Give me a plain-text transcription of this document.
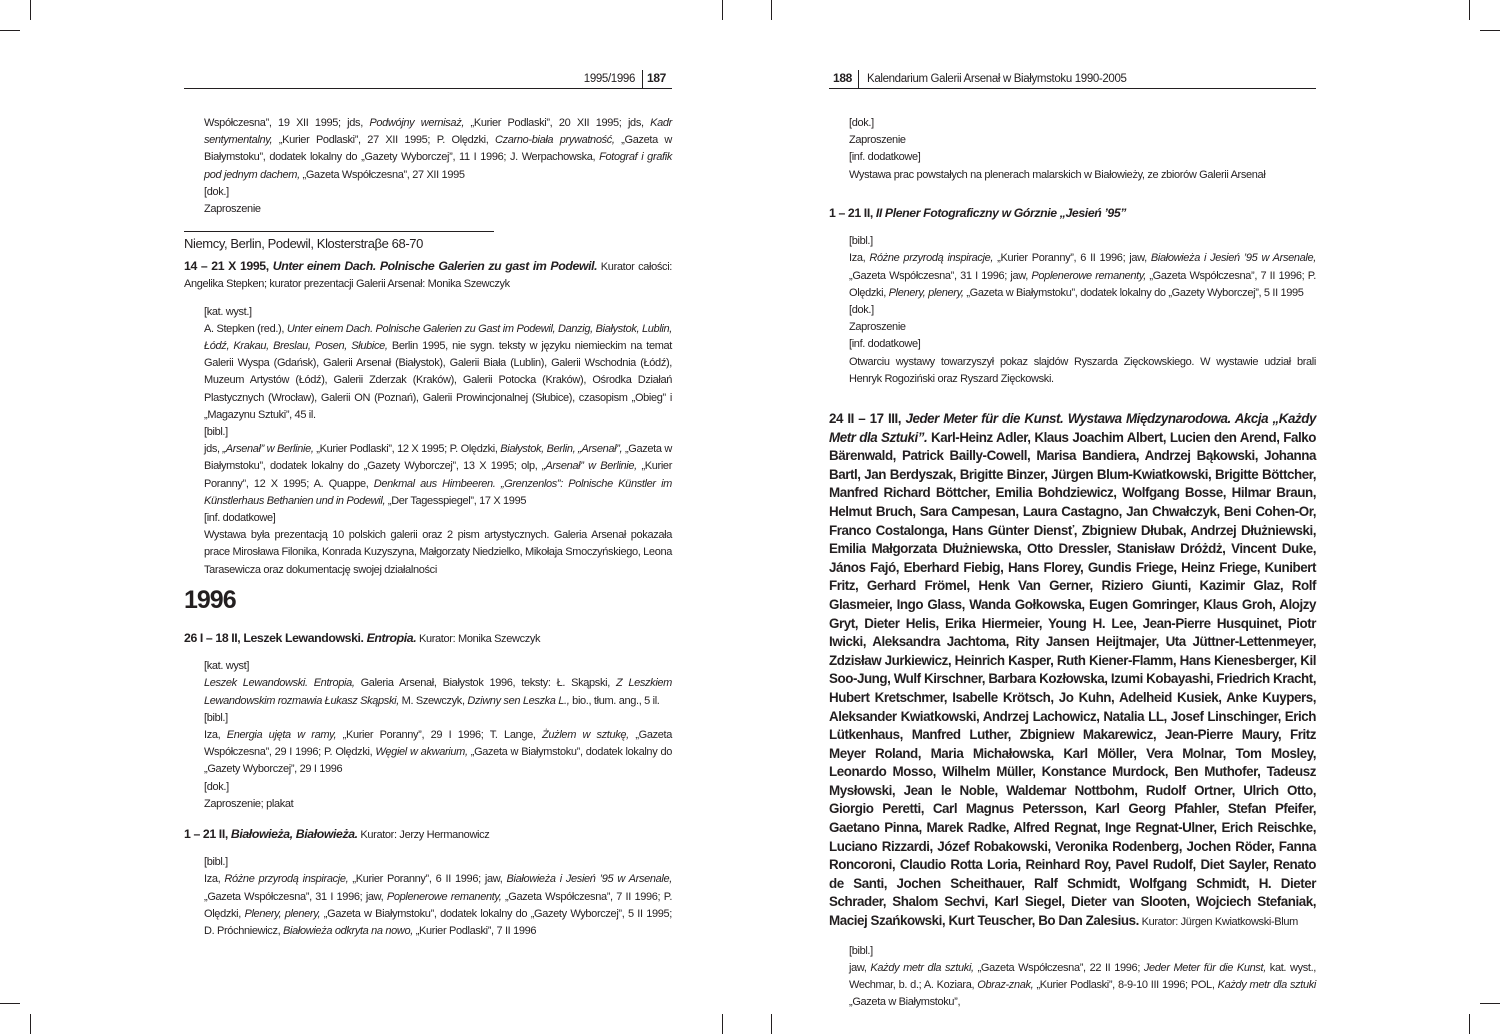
1995/1996 187

Współczesna”, 19 XII 1995; jds, Podwójny wernisaż, „Kurier Podlaski”, 20 XII 1995; jds, Kadr sentymentalny, „Kurier Podlaski”, 27 XII 1995; P. Olędzki, Czarno-biała prywatność, „Gazeta w Białymstoku”, dodatek lokalny do „Gazety Wyborczej”, 11 I 1996; J. Werpachowska, Fotograf i grafik pod jednym dachem, „Gazeta Współczesna”, 27 XII 1995

[dok.]

Zaproszenie

Niemcy, Berlin, Podewil, Klosterstraβe 68-70

14 – 21 X 1995, Unter einem Dach. Polnische Galerien zu gast im Podewil. Kurator całości: Angelika Stepken; kurator prezentacji Galerii Arsenał: Monika Szewczyk

[kat. wyst.]

A. Stepken (red.), Unter einem Dach. Polnische Galerien zu Gast im Podewil, Danzig, Białystok, Lublin, Łódź, Krakau, Breslau, Posen, Słubice, Berlin 1995, nie sygn. teksty w języku niemieckim na temat Galerii Wyspa (Gdańsk), Galerii Arsenał (Białystok), Galerii Biała (Lublin), Galerii Wschodnia (Łódź), Muzeum Artystów (Łódź), Galerii Zderzak (Kraków), Galerii Potocka (Kraków), Ośrodka Działań Plastycznych (Wrocław), Galerii ON (Poznań), Galerii Prowincjonalnej (Słubice), czasopism „Obieg” i „Magazynu Sztuki”, 45 il.

[bibl.]

jds, „Arsenał” w Berlinie, „Kurier Podlaski”, 12 X 1995; P. Olędzki, Białystok, Berlin, „Arsenał”, „Gazeta w Białymstoku”, dodatek lokalny do „Gazety Wyborczej”, 13 X 1995; olp, „Arsenał” w Berlinie, „Kurier Poranny”, 12 X 1995; A. Quappe, Denkmal aus Himbeeren. „Grenzenlos”: Polnische Künstler im Künstlerhaus Bethanien und in Podewil, „Der Tagesspiegel”, 17 X 1995

[inf. dodatkowe]

Wystawa była prezentacją 10 polskich galerii oraz 2 pism artystycznych. Galeria Arsenał pokazała prace Mirosława Filonika, Konrada Kuzyszyna, Małgorzaty Niedzielko, Mikołaja Smoczyńskiego, Leona Tarasewicza oraz dokumentację swojej działalności

1996

26 I – 18 II, Leszek Lewandowski. Entropia. Kurator: Monika Szewczyk

[kat. wyst]

Leszek Lewandowski. Entropia, Galeria Arsenał, Białystok 1996, teksty: Ł. Skąpski, Z Leszkiem Lewandowskim rozmawia Łukasz Skąpski, M. Szewczyk, Dziwny sen Leszka L., bio., tłum. ang., 5 il.

[bibl.]

Iza, Energia ujęta w ramy, „Kurier Poranny”, 29 I 1996; T. Lange, Żużlem w sztukę, „Gazeta Współczesna”, 29 I 1996; P. Olędzki, Węgiel w akwarium, „Gazeta w Białymstoku”, dodatek lokalny do „Gazety Wyborczej”, 29 I 1996

[dok.]

Zaproszenie; plakat

1 – 21 II, Białowieża, Białowieża. Kurator: Jerzy Hermanowicz

[bibl.]

Iza, Różne przyrodą inspiracje, „Kurier Poranny”, 6 II 1996; jaw, Białowieża i Jesień ’95 w Arsenale, „Gazeta Współczesna”, 31 I 1996; jaw, Poplenerowe remanenty, „Gazeta Współczesna”, 7 II 1996; P. Olędzki, Plenery, plenery, „Gazeta w Białymstoku”, dodatek lokalny do „Gazety Wyborczej”, 5 II 1995; D. Próchniewicz, Białowieża odkryta na nowo, „Kurier Podlaski”, 7 II 1996

188 Kalendarium Galerii Arsenał w Białymstoku 1990-2005

[dok.]

Zaproszenie

[inf. dodatkowe]

Wystawa prac powstałych na plenerach malarskich w Białowieży, ze zbiorów Galerii Arsenał

1 – 21 II, II Plener Fotograficzny w Górznie „Jesień ’95”

[bibl.]

Iza, Różne przyrodą inspiracje, „Kurier Poranny”, 6 II 1996; jaw, Białowieża i Jesień ’95 w Arsenale, „Gazeta Współczesna”, 31 I 1996; jaw, Poplenerowe remanenty, „Gazeta Współczesna”, 7 II 1996; P. Olędzki, Plenery, plenery, „Gazeta w Białymstoku”, dodatek lokalny do „Gazety Wyborczej”, 5 II 1995

[dok.]

Zaproszenie

[inf. dodatkowe]

Otwarciu wystawy towarzyszył pokaz slajdów Ryszarda Zięckowskiego. W wystawie udział brali Henryk Rogoziński oraz Ryszard Zięckowski.

24 II – 17 III, Jeder Meter für die Kunst. Wystawa Międzynarodowa. Akcja „Każdy Metr dla Sztuki”. Karl-Heinz Adler, Klaus Joachim Albert, Lucien den Arend, Falko Bärenwald, Patrick Bailly-Cowell, Marisa Bandiera, Andrzej Bąkowski, Johanna Bartl, Jan Berdyszak, Brigitte Binzer, Jürgen Blum-Kwiatkowski, Brigitte Böttcher, Manfred Richard Böttcher, Emilia Bohdziewicz, Wolfgang Bosse, Hilmar Braun, Helmut Bruch, Sara Campesan, Laura Castagno, Jan Chwałczyk, Beni Cohen-Or, Franco Costalonga, Hans Günter Diensť, Zbigniew Dłubak, Andrzej Dłużniewski, Emilia Małgorzata Dłużniewska, Otto Dressler, Stanisław Dróżdż, Vincent Duke, János Fajó, Eberhard Fiebig, Hans Florey, Gundis Friege, Heinz Friege, Kunibert Fritz, Gerhard Frömel, Henk Van Gerner, Riziero Giunti, Kazimir Glaz, Rolf Glasmeier, Ingo Glass, Wanda Gołkowska, Eugen Gomringer, Klaus Groh, Alojzy Gryt, Dieter Helis, Erika Hiermeier, Young H. Lee, Jean-Pierre Husquinet, Piotr Iwicki, Aleksandra Jachtoma, Rity Jansen Heijtmajer, Uta Jüttner-Lettenmeyer, Zdzisław Jurkiewicz, Heinrich Kasper, Ruth Kiener-Flamm, Hans Kienesberger, Kil Soo-Jung, Wulf Kirschner, Barbara Kozłowska, Izumi Kobayashi, Friedrich Kracht, Hubert Kretschmer, Isabelle Krötsch, Jo Kuhn, Adelheid Kusiek, Anke Kuypers, Aleksander Kwiatkowski, Andrzej Lachowicz, Natalia LL, Josef Linschinger, Erich Lütkenhaus, Manfred Luther, Zbigniew Makarewicz, Jean-Pierre Maury, Fritz Meyer Roland, Maria Michałowska, Karl Möller, Vera Molnar, Tom Mosley, Leonardo Mosso, Wilhelm Müller, Konstance Murdock, Ben Muthofer, Tadeusz Mysłowski, Jean le Noble, Waldemar Nottbohm, Rudolf Ortner, Ulrich Otto, Giorgio Peretti, Carl Magnus Petersson, Karl Georg Pfahler, Stefan Pfeifer, Gaetano Pinna, Marek Radke, Alfred Regnat, Inge Regnat-Ulner, Erich Reischke, Luciano Rizzardi, Józef Robakowski, Veronika Rodenberg, Jochen Röder, Fanna Roncoroni, Claudio Rotta Loria, Reinhard Roy, Pavel Rudolf, Diet Sayler, Renato de Santi, Jochen Scheithauer, Ralf Schmidt, Wolfgang Schmidt, H. Dieter Schrader, Shalom Sechvi, Karl Siegel, Dieter van Slooten, Wojciech Stefaniak, Maciej Szańkowski, Kurt Teuscher, Bo Dan Zalesius. Kurator: Jürgen Kwiatkowski-Blum

[bibl.]

jaw, Każdy metr dla sztuki, „Gazeta Współczesna”, 22 II 1996; Jeder Meter für die Kunst, kat. wyst., Wechmar, b. d.; A. Koziara, Obraz-znak, „Kurier Podlaski”, 8-9-10 III 1996; POL, Każdy metr dla sztuki „Gazeta w Białymstoku”,
